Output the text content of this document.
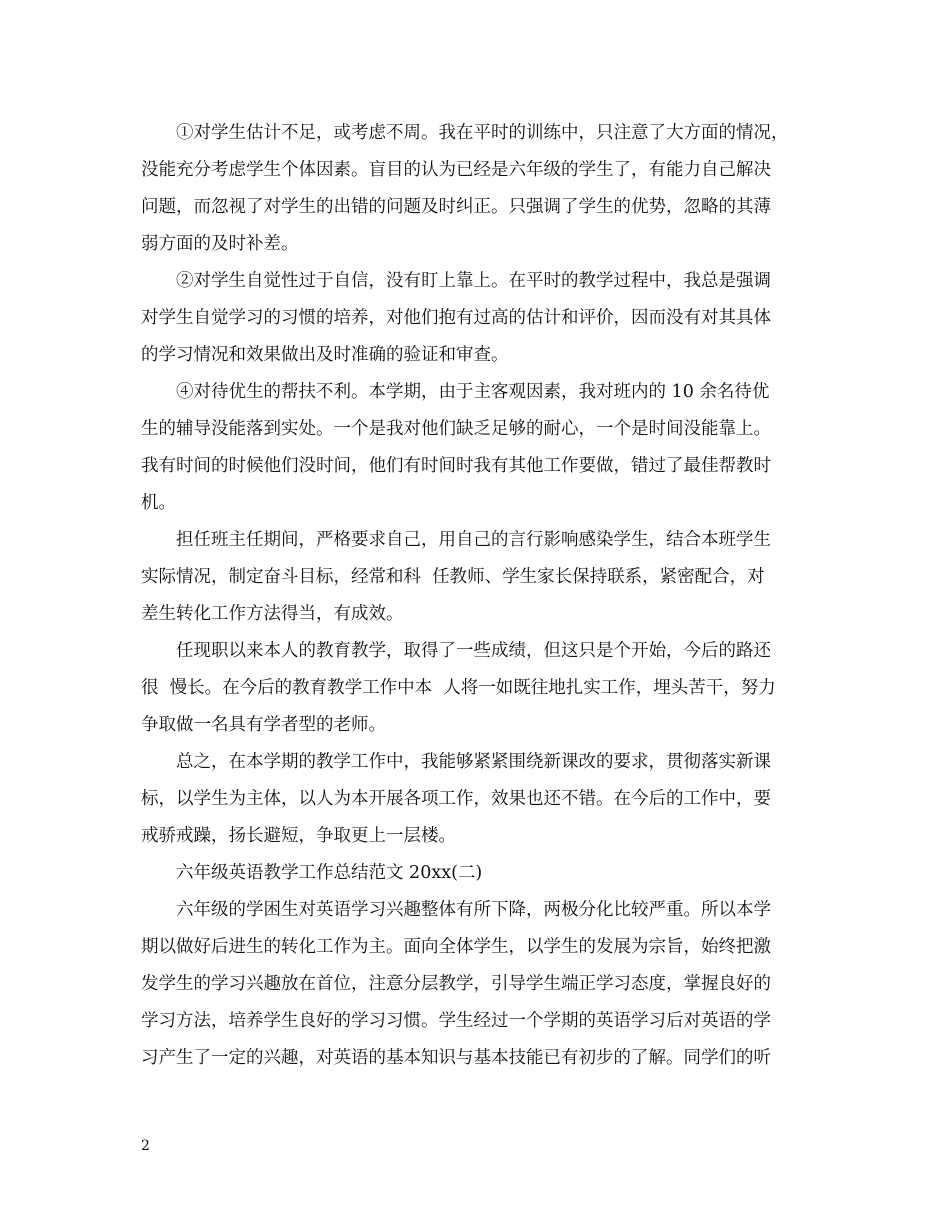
①对学生估计不足，或考虑不周。我在平时的训练中，只注意了大方面的情况，
没能充分考虑学生个体因素。盲目的认为已经是六年级的学生了，有能力自己解决
问题，而忽视了对学生的出错的问题及时纠正。只强调了学生的优势，忽略的其薄
弱方面的及时补差。
②对学生自觉性过于自信，没有盯上靠上。在平时的教学过程中，我总是强调
对学生自觉学习的习惯的培养，对他们抱有过高的估计和评价，因而没有对其具体
的学习情况和效果做出及时准确的验证和审查。
④对待优生的帮扶不利。本学期，由于主客观因素，我对班内的 10 余名待优
生的辅导没能落到实处。一个是我对他们缺乏足够的耐心，一个是时间没能靠上。
我有时间的时候他们没时间，他们有时间时我有其他工作要做，错过了最佳帮教时
机。
担任班主任期间，严格要求自己，用自己的言行影响感染学生，结合本班学生
实际情况，制定奋斗目标，经常和科  任教师、学生家长保持联系，紧密配合，对
差生转化工作方法得当，有成效。
任现职以来本人的教育教学，取得了一些成绩，但这只是个开始，今后的路还
很  慢长。在今后的教育教学工作中本  人将一如既往地扎实工作，埋头苦干，努力
争取做一名具有学者型的老师。
总之，在本学期的教学工作中，我能够紧紧围绕新课改的要求，贯彻落实新课
标，以学生为主体，以人为本开展各项工作，效果也还不错。在今后的工作中，要
戒骄戒躁，扬长避短，争取更上一层楼。
六年级英语教学工作总结范文 20xx(二)
六年级的学困生对英语学习兴趣整体有所下降，两极分化比较严重。所以本学
期以做好后进生的转化工作为主。面向全体学生，以学生的发展为宗旨，始终把激
发学生的学习兴趣放在首位，注意分层教学，引导学生端正学习态度，掌握良好的
学习方法，培养学生良好的学习习惯。学生经过一个学期的英语学习后对英语的学
习产生了一定的兴趣，对英语的基本知识与基本技能已有初步的了解。同学们的听
2
